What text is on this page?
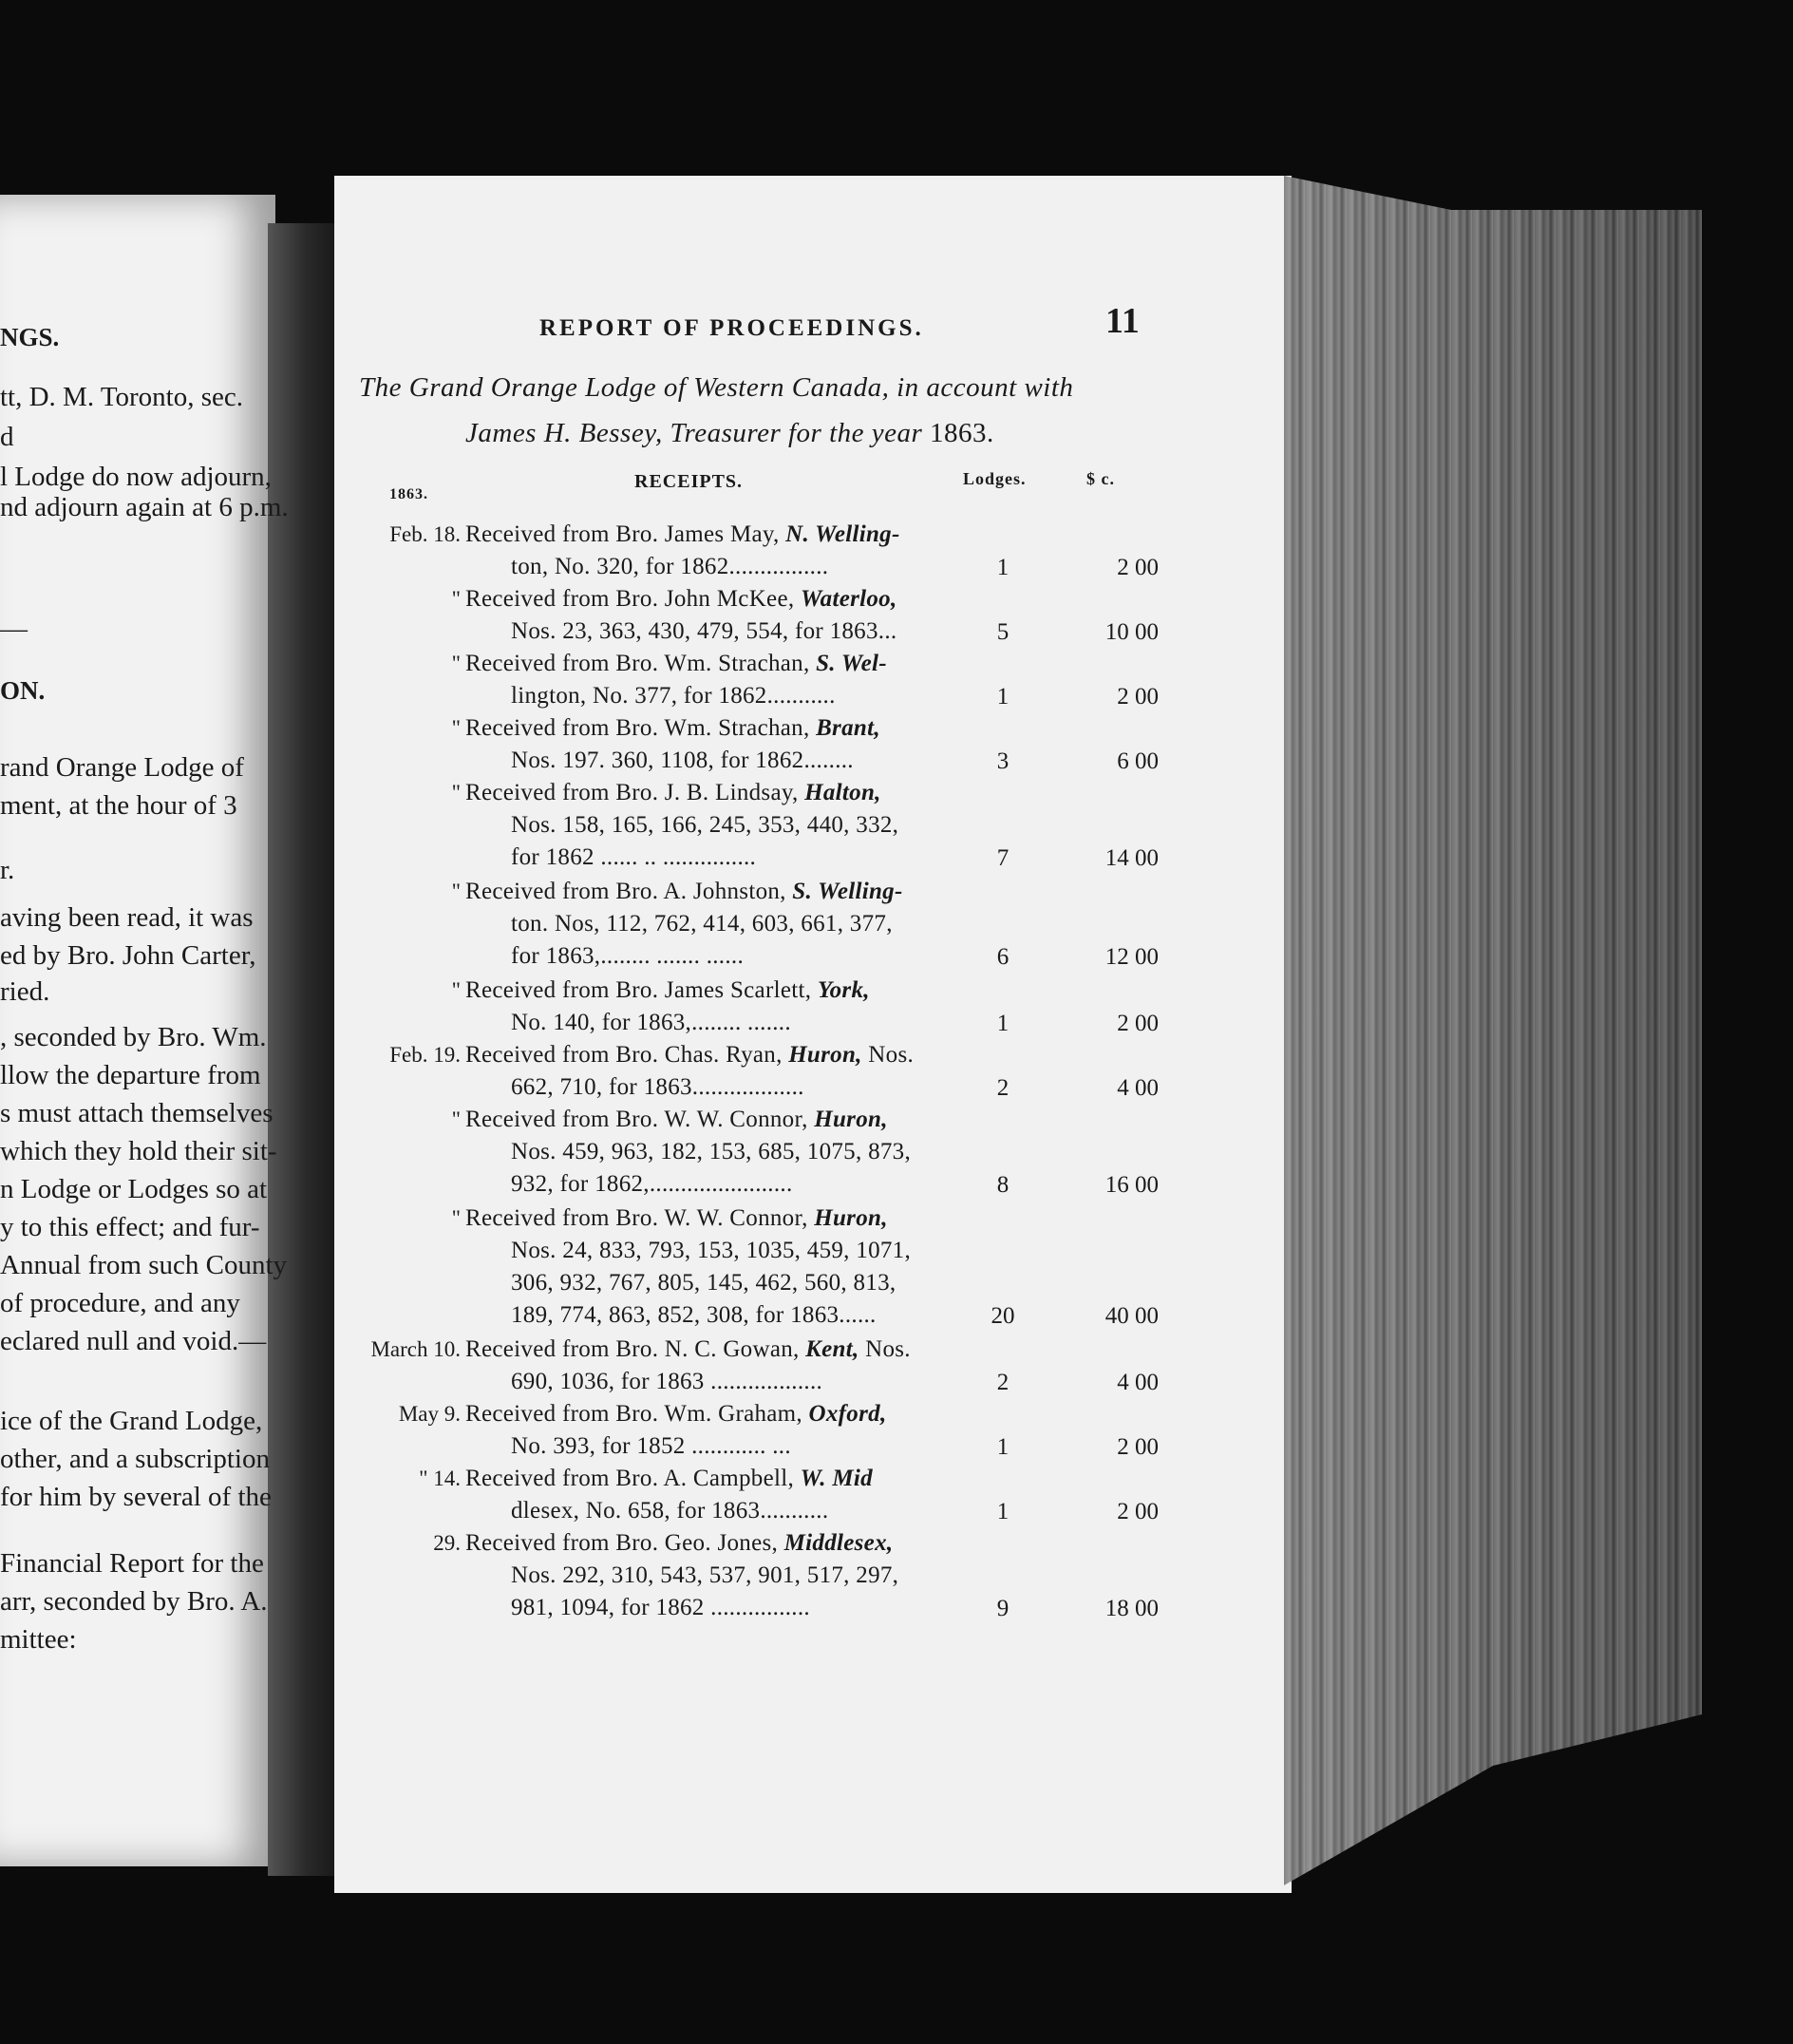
REPORT OF PROCEEDINGS.	11
The Grand Orange Lodge of Western Canada, in account with
James H. Bessey, Treasurer for the year 1863.
1863.
RECEIPTS.	Lodges.	$ c.
NGS.
tt, D. M. Toronto, sec.
d
l Lodge do now adjourn,
nd adjourn again at 6 p.m.
—
ON.
rand Orange Lodge of
ment, at the hour of 3
r.
aving been read, it was
ed by Bro. John Carter,
ried.
, seconded by Bro. Wm.
llow the departure from
s must attach themselves
which they hold their sit-
n Lodge or Lodges so at
y to this effect; and fur-
Annual from such County
of procedure, and any
eclared null and void.—
ice of the Grand Lodge,
other, and a subscription
for him by several of the
Financial Report for the
arr, seconded by Bro. A.
mittee:
Feb. 18. Received from Bro. James May, N. Welling-
ton, No. 320, for 1862................	1	2 00
" Received from Bro. John McKee, Waterloo,
Nos. 23, 363, 430, 479, 554, for 1863...	5	10 00
" Received from Bro. Wm. Strachan, S. Wel-
lington, No. 377, for 1862...........	1	2 00
" Received from Bro. Wm. Strachan, Brant,
Nos. 197. 360, 1108, for 1862........	3	6 00
" Received from Bro. J. B. Lindsay, Halton,
Nos. 158, 165, 166, 245, 353, 440, 332,
for 1862 ...... .. ...............	7	14 00
" Received from Bro. A. Johnston, S. Welling-
ton. Nos, 112, 762, 414, 603, 661, 377,
for 1863,........ ....... ......	6	12 00
" Received from Bro. James Scarlett, York,
No. 140, for 1863,........ .......	1	2 00
Feb. 19. Received from Bro. Chas. Ryan, Huron, Nos.
662, 710, for 1863..................	2	4 00
" Received from Bro. W. W. Connor, Huron,
Nos. 459, 963, 182, 153, 685, 1075, 873,
932, for 1862,.......................	8	16 00
" Received from Bro. W. W. Connor, Huron,
Nos. 24, 833, 793, 153, 1035, 459, 1071,
306, 932, 767, 805, 145, 462, 560, 813,
189, 774, 863, 852, 308, for 1863......	20	40 00
March 10. Received from Bro. N. C. Gowan, Kent, Nos.
690, 1036, for 1863 ..................	2	4 00
May 9. Received from Bro. Wm. Graham, Oxford,
No. 393, for 1852 ............ ...	1	2 00
" 14. Received from Bro. A. Campbell, W. Mid
dlesex, No. 658, for 1863...........	1	2 00
29. Received from Bro. Geo. Jones, Middlesex,
Nos. 292, 310, 543, 537, 901, 517, 297,
981, 1094, for 1862 ................	9	18 00
